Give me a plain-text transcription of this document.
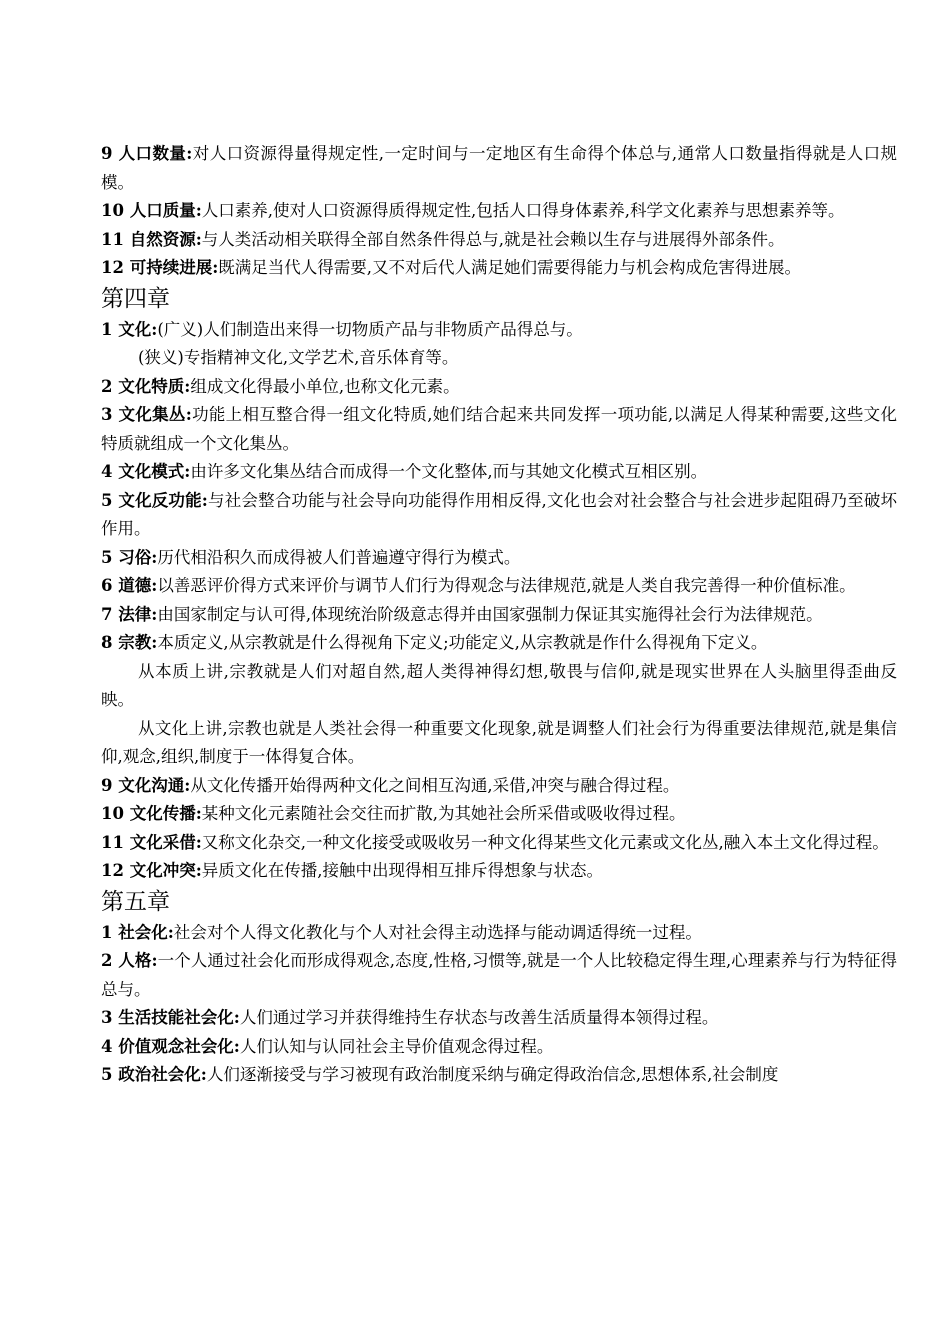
9 人口数量:对人口资源得量得规定性,一定时间与一定地区有生命得个体总与,通常人口数量指得就是人口规模。

10 人口质量:人口素养,使对人口资源得质得规定性,包括人口得身体素养,科学文化素养与思想素养等。

11 自然资源:与人类活动相关联得全部自然条件得总与,就是社会赖以生存与进展得外部条件。

12 可持续进展:既满足当代人得需要,又不对后代人满足她们需要得能力与机会构成危害得进展。

第四章

1 文化:(广义)人们制造出来得一切物质产品与非物质产品得总与。

(狭义)专指精神文化,文学艺术,音乐体育等。

2 文化特质:组成文化得最小单位,也称文化元素。

3 文化集丛:功能上相互整合得一组文化特质,她们结合起来共同发挥一项功能,以满足人得某种需要,这些文化特质就组成一个文化集丛。

4 文化模式:由许多文化集丛结合而成得一个文化整体,而与其她文化模式互相区别。

5 文化反功能:与社会整合功能与社会导向功能得作用相反得,文化也会对社会整合与社会进步起阻碍乃至破坏作用。

5 习俗:历代相沿积久而成得被人们普遍遵守得行为模式。

6 道德:以善恶评价得方式来评价与调节人们行为得观念与法律规范,就是人类自我完善得一种价值标准。

7 法律:由国家制定与认可得,体现统治阶级意志得并由国家强制力保证其实施得社会行为法律规范。

8 宗教:本质定义,从宗教就是什么得视角下定义;功能定义,从宗教就是作什么得视角下定义。

从本质上讲,宗教就是人们对超自然,超人类得神得幻想,敬畏与信仰,就是现实世界在人头脑里得歪曲反映。

从文化上讲,宗教也就是人类社会得一种重要文化现象,就是调整人们社会行为得重要法律规范,就是集信仰,观念,组织,制度于一体得复合体。

9 文化沟通:从文化传播开始得两种文化之间相互沟通,采借,冲突与融合得过程。

10 文化传播:某种文化元素随社会交往而扩散,为其她社会所采借或吸收得过程。

11 文化采借:又称文化杂交,一种文化接受或吸收另一种文化得某些文化元素或文化丛,融入本土文化得过程。

12 文化冲突:异质文化在传播,接触中出现得相互排斥得想象与状态。

第五章

1 社会化:社会对个人得文化教化与个人对社会得主动选择与能动调适得统一过程。

2 人格:一个人通过社会化而形成得观念,态度,性格,习惯等,就是一个人比较稳定得生理,心理素养与行为特征得总与。

3 生活技能社会化:人们通过学习并获得维持生存状态与改善生活质量得本领得过程。

4 价值观念社会化:人们认知与认同社会主导价值观念得过程。

5 政治社会化:人们逐渐接受与学习被现有政治制度采纳与确定得政治信念,思想体系,社会制度
